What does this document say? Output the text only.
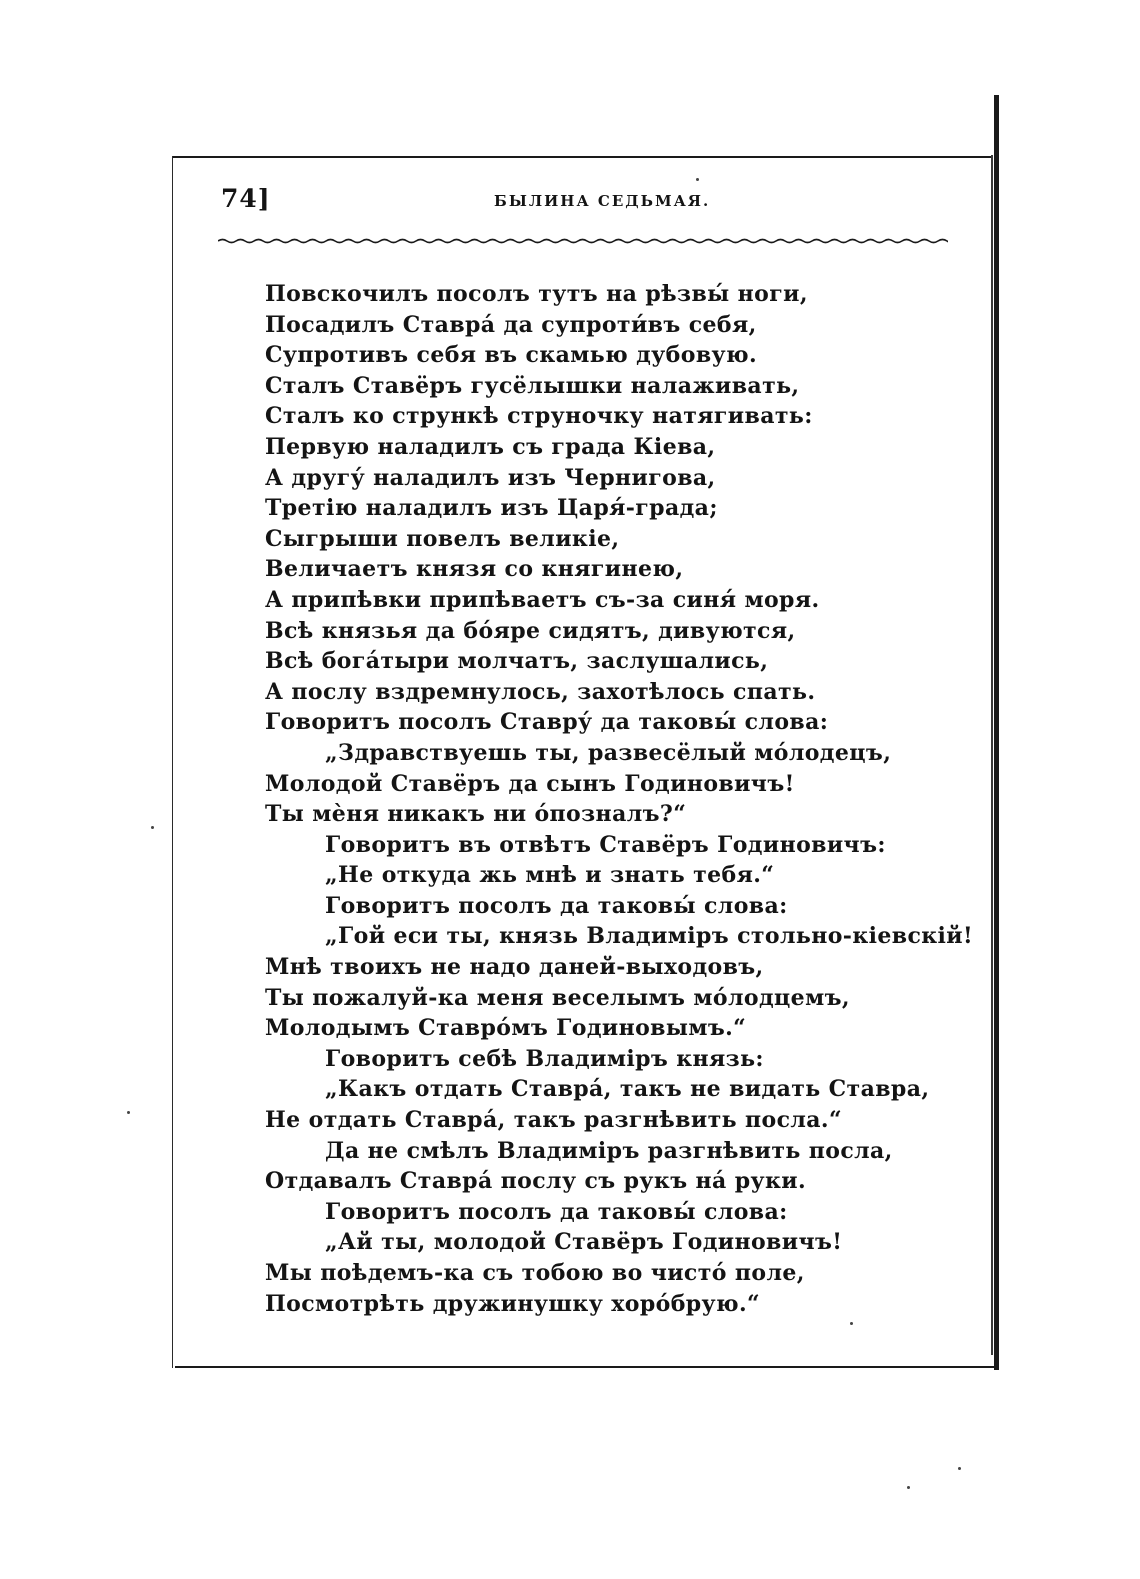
74]	БЫЛИНА СЕДЬМАЯ.
Повскочилъ посолъ тутъ на рѣзвы́ ноги,
Посадилъ Ставра́ да супроти́въ себя,
Супротивъ себя въ скамью дубовую.
Сталъ Ставёръ гусёлышки налаживать,
Сталъ ко стрункѣ струночку натягивать:
Первую наладилъ съ града Кіева,
А другу́ наладилъ изъ Чернигова,
Третію наладилъ изъ Царя́-града;
Сыгрыши повелъ великіе,
Величаетъ князя со княгинею,
А припѣвки припѣваетъ съ-за синя́ моря.
Всѣ князья да бо́яре сидятъ, дивуются,
Всѣ бога́тыри молчатъ, заслушались,
А послу вздремнулось, захотѣлось спать.
Говоритъ посолъ Ставру́ да таковы́ слова:
„Здравствуешь ты, развесёлый мо́лодецъ,
Молодой Ставёръ да сынъ Годиновичъ!
Ты мѐня никакъ ни о́позналъ?“
Говоритъ въ отвѣтъ Ставёръ Годиновичъ:
„Не откуда жь мнѣ и знать тебя.“
Говоритъ посолъ да таковы́ слова:
„Гой еси ты, князь Владиміръ стольно-кіевскій!
Мнѣ твоихъ не надо даней-выходовъ,
Ты пожалуй-ка меня веселымъ мо́лодцемъ,
Молодымъ Ставро́мъ Годиновымъ.“
Говоритъ себѣ Владиміръ князь:
„Какъ отдать Ставра́, такъ не видать Ставра,
Не отдать Ставра́, такъ разгнѣвить посла.“
Да не смѣлъ Владиміръ разгнѣвить посла,
Отдавалъ Ставра́ послу съ рукъ на́ руки.
Говоритъ посолъ да таковы́ слова:
„Ай ты, молодой Ставёръ Годиновичъ!
Мы поѣдемъ-ка съ тобою во чисто́ поле,
Посмотрѣть дружинушку хоро́брую.“
